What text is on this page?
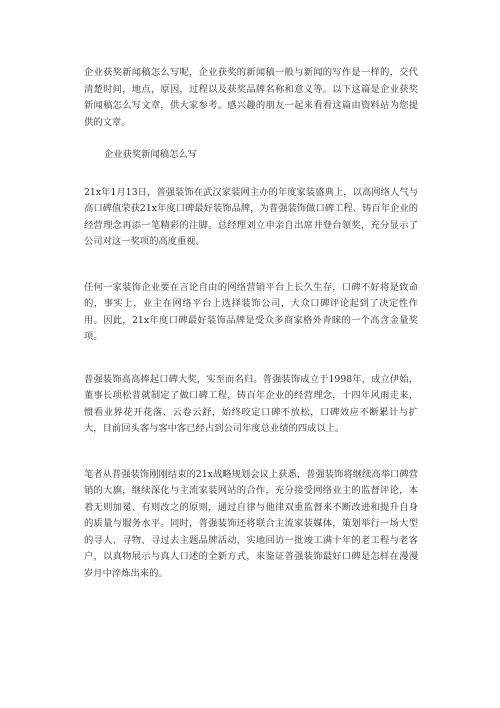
企业获奖新闻稿怎么写呢，企业获奖的新闻稿一般与新闻的写作是一样的，交代清楚时间，地点，原因，过程以及获奖品牌名称和意义等。以下这篇是企业获奖新闻稿怎么写文章，供大家参考。感兴趣的朋友一起来看看这篇由资料站为您提供的文章。

企业获奖新闻稿怎么写

21x年1月13日，普强装饰在武汉家装网主办的年度家装盛典上，以高网络人气与高口碑值荣获21x年度口碑最好装饰品牌，为普强装饰做口碑工程、铸百年企业的经营理念再添一笔精彩的注脚。总经理刘立申亲自出席并登台领奖，充分显示了公司对这一奖项的高度重视。

任何一家装饰企业要在言论自由的网络营销平台上长久生存，口碑不好将是致命的，事实上，业主在网络平台上选择装饰公司，大众口碑评论起到了决定性作用。因此，21x年度口碑最好装饰品牌是受众多商家格外青睐的一个高含金量奖项。

普强装饰高高捧起口碑大奖，实至而名归。普强装饰成立于1998年，成立伊始，董事长项松普就制定了做口碑工程，铸百年企业的经营理念，十四年风雨走来，惯看业界花开花落、云卷云舒，始终咬定口碑不放松，口碑效应不断累计与扩大，目前回头客与客中客已经占到公司年度总业绩的四成以上。

笔者从普强装饰刚刚结束的21x战略规划会议上获悉，普强装饰将继续高举口碑营销的大旗，继续深化与主流家装网站的合作，充分接受网络业主的监督评论，本着无则加冕、有则改之的原则，通过自律与他律双重监督来不断改进和提升自身的质量与服务水平。同时，普强装饰还将联合主流家装媒体，策划举行一场大型的寻人、寻物、寻过去主题品牌活动，实地回访一批竣工满十年的老工程与老客户，以真物展示与真人口述的全新方式，来鉴证普强装饰最好口碑是怎样在漫漫岁月中淬炼出来的。
